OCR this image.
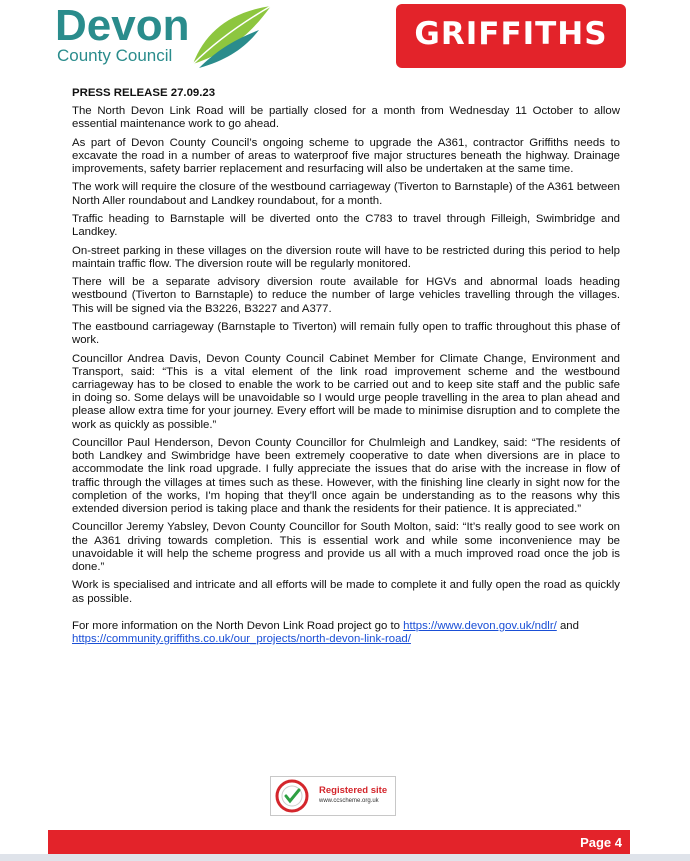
Devon
County Council
GRIFFITHS
PRESS RELEASE 27.09.23

The North Devon Link Road will be partially closed for a month from Wednesday 11 October to allow essential maintenance work to go ahead.

As part of Devon County Council’s ongoing scheme to upgrade the A361, contractor Griffiths needs to excavate the road in a number of areas to waterproof five major structures beneath the highway. Drainage improvements, safety barrier replacement and resurfacing will also be undertaken at the same time.

The work will require the closure of the westbound carriageway (Tiverton to Barnstaple) of the A361 between North Aller roundabout and Landkey roundabout, for a month.

Traffic heading to Barnstaple will be diverted onto the C783 to travel through Filleigh, Swimbridge and Landkey.

On-street parking in these villages on the diversion route will have to be restricted during this period to help maintain traffic flow. The diversion route will be regularly monitored.

There will be a separate advisory diversion route available for HGVs and abnormal loads heading westbound (Tiverton to Barnstaple) to reduce the number of large vehicles travelling through the villages. This will be signed via the B3226, B3227 and A377.

The eastbound carriageway (Barnstaple to Tiverton) will remain fully open to traffic throughout this phase of work.

Councillor Andrea Davis, Devon County Council Cabinet Member for Climate Change, Environment and Transport, said: “This is a vital element of the link road improvement scheme and the westbound carriageway has to be closed to enable the work to be carried out and to keep site staff and the public safe in doing so. Some delays will be unavoidable so I would urge people travelling in the area to plan ahead and please allow extra time for your journey. Every effort will be made to minimise disruption and to complete the work as quickly as possible.”

Councillor Paul Henderson, Devon County Councillor for Chulmleigh and Landkey, said: “The residents of both Landkey and Swimbridge have been extremely cooperative to date when diversions are in place to accommodate the link road upgrade. I fully appreciate the issues that do arise with the increase in flow of traffic through the villages at times such as these. However, with the finishing line clearly in sight now for the completion of the works, I'm hoping that they'll once again be understanding as to the reasons why this extended diversion period is taking place and thank the residents for their patience. It is appreciated.”

Councillor Jeremy Yabsley, Devon County Councillor for South Molton, said: “It’s really good to see work on the A361 driving towards completion. This is essential work and while some inconvenience may be unavoidable it will help the scheme progress and provide us all with a much improved road once the job is done.”

Work is specialised and intricate and all efforts will be made to complete it and fully open the road as quickly as possible.

For more information on the North Devon Link Road project go to https://www.devon.gov.uk/ndlr/ and https://community.griffiths.co.uk/our_projects/north-devon-link-road/

Registered site
www.ccscheme.org.uk
Page 4
